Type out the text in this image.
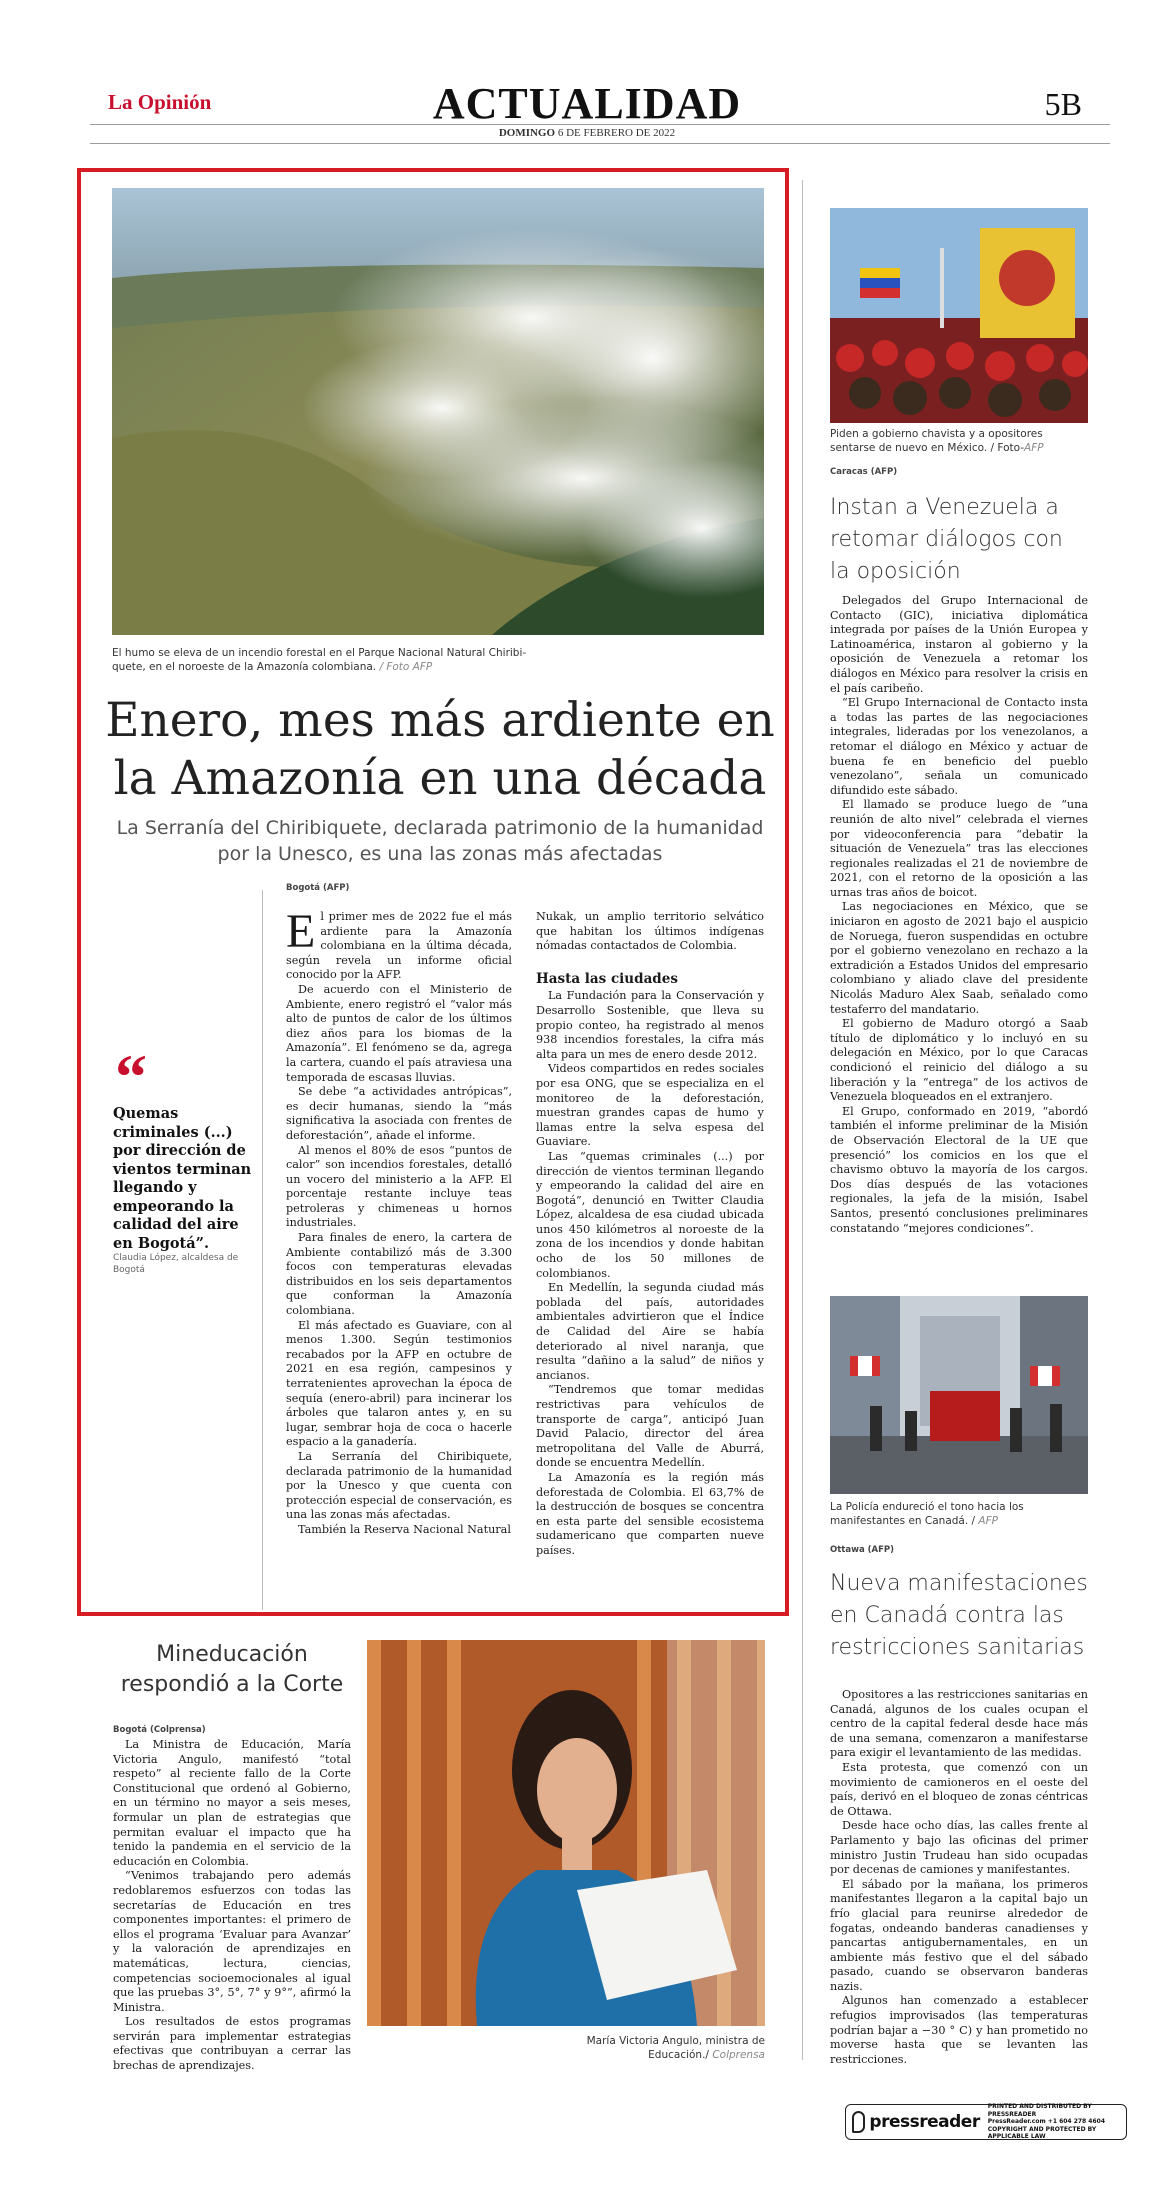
La Opinión	ACTUALIDAD	5B
DOMINGO 6 DE FEBRERO DE 2022
El humo se eleva de un incendio forestal en el Parque Nacional Natural Chiribi-quete, en el noroeste de la Amazonía colombiana. / Foto AFP
Enero, mes más ardiente en la Amazonía en una década
La Serranía del Chiribiquete, declarada patrimonio de la humanidad por la Unesco, es una las zonas más afectadas
Bogotá (AFP)
“
Quemas criminales (...) por dirección de vientos terminan llegando y empeorando la calidad del aire en Bogotá”.
Claudia López, alcaldesa de Bogotá

El primer mes de 2022 fue el más ardiente para la Amazonía colombiana en la última década, según revela un informe oficial conocido por la AFP.

De acuerdo con el Ministerio de Ambiente, enero registró el “valor más alto de puntos de calor de los últimos diez años para los biomas de la Amazonía”. El fenómeno se da, agrega la cartera, cuando el país atraviesa una temporada de escasas lluvias.

Se debe “a actividades antrópicas”, es decir humanas, siendo la “más significativa la asociada con frentes de deforestación”, añade el informe.

Al menos el 80% de esos “puntos de calor” son incendios forestales, detalló un vocero del ministerio a la AFP. El porcentaje restante incluye teas petroleras y chimeneas u hornos industriales.

Para finales de enero, la cartera de Ambiente contabilizó más de 3.300 focos con temperaturas elevadas distribuidos en los seis departamentos que conforman la Amazonía colombiana.

El más afectado es Guaviare, con al menos 1.300. Según testimonios recabados por la AFP en octubre de 2021 en esa región, campesinos y terratenientes aprovechan la época de sequía (enero-abril) para incinerar los árboles que talaron antes y, en su lugar, sembrar hoja de coca o hacerle espacio a la ganadería.

La Serranía del Chiribiquete, declarada patrimonio de la humanidad por la Unesco y que cuenta con protección especial de conservación, es una las zonas más afectadas.

También la Reserva Nacional Natural

Nukak, un amplio territorio selvático que habitan los últimos indígenas nómadas contactados de Colombia.

Hasta las ciudades

La Fundación para la Conservación y Desarrollo Sostenible, que lleva su propio conteo, ha registrado al menos 938 incendios forestales, la cifra más alta para un mes de enero desde 2012.

Videos compartidos en redes sociales por esa ONG, que se especializa en el monitoreo de la deforestación, muestran grandes capas de humo y llamas entre la selva espesa del Guaviare.

Las “quemas criminales (...) por dirección de vientos terminan llegando y empeorando la calidad del aire en Bogotá”, denunció en Twitter Claudia López, alcaldesa de esa ciudad ubicada unos 450 kilómetros al noroeste de la zona de los incendios y donde habitan ocho de los 50 millones de colombianos.

En Medellín, la segunda ciudad más poblada del país, autoridades ambientales advirtieron que el Índice de Calidad del Aire se había deteriorado al nivel naranja, que resulta “dañino a la salud” de niños y ancianos.

“Tendremos que tomar medidas restrictivas para vehículos de transporte de carga”, anticipó Juan David Palacio, director del área metropolitana del Valle de Aburrá, donde se encuentra Medellín.

La Amazonía es la región más deforestada de Colombia. El 63,7% de la destrucción de bosques se concentra en esta parte del sensible ecosistema sudamericano que comparten nueve países.

Piden a gobierno chavista y a opositores sentarse de nuevo en México. / Foto-AFP
Caracas (AFP)
Instan a Venezuela a retomar diálogos con la oposición

Delegados del Grupo Internacional de Contacto (GIC), iniciativa diplomática integrada por países de la Unión Europea y Latinoamérica, instaron al gobierno y la oposición de Venezuela a retomar los diálogos en México para resolver la crisis en el país caribeño.

“El Grupo Internacional de Contacto insta a todas las partes de las negociaciones integrales, lideradas por los venezolanos, a retomar el diálogo en México y actuar de buena fe en beneficio del pueblo venezolano”, señala un comunicado difundido este sábado.

El llamado se produce luego de “una reunión de alto nivel” celebrada el viernes por videoconferencia para “debatir la situación de Venezuela” tras las elecciones regionales realizadas el 21 de noviembre de 2021, con el retorno de la oposición a las urnas tras años de boicot.

Las negociaciones en México, que se iniciaron en agosto de 2021 bajo el auspicio de Noruega, fueron suspendidas en octubre por el gobierno venezolano en rechazo a la extradición a Estados Unidos del empresario colombiano y aliado clave del presidente Nicolás Maduro Alex Saab, señalado como testaferro del mandatario.

El gobierno de Maduro otorgó a Saab título de diplomático y lo incluyó en su delegación en México, por lo que Caracas condicionó el reinicio del diálogo a su liberación y la “entrega” de los activos de Venezuela bloqueados en el extranjero.

El Grupo, conformado en 2019, “abordó también el informe preliminar de la Misión de Observación Electoral de la UE que presenció” los comicios en los que el chavismo obtuvo la mayoría de los cargos. Dos días después de las votaciones regionales, la jefa de la misión, Isabel Santos, presentó conclusiones preliminares constatando “mejores condiciones”.

La Policía endureció el tono hacia los manifestantes en Canadá. / AFP
Ottawa (AFP)
Nueva manifestaciones en Canadá contra las restricciones sanitarias

Opositores a las restricciones sanitarias en Canadá, algunos de los cuales ocupan el centro de la capital federal desde hace más de una semana, comenzaron a manifestarse para exigir el levantamiento de las medidas.

Esta protesta, que comenzó con un movimiento de camioneros en el oeste del país, derivó en el bloqueo de zonas céntricas de Ottawa.

Desde hace ocho días, las calles frente al Parlamento y bajo las oficinas del primer ministro Justin Trudeau han sido ocupadas por decenas de camiones y manifestantes.

El sábado por la mañana, los primeros manifestantes llegaron a la capital bajo un frío glacial para reunirse alrededor de fogatas, ondeando banderas canadienses y pancartas antigubernamentales, en un ambiente más festivo que el del sábado pasado, cuando se observaron banderas nazis.

Algunos han comenzado a establecer refugios improvisados (las temperaturas podrían bajar a −30 ° C) y han prometido no moverse hasta que se levanten las restricciones.

Mineducación respondió a la Corte
Bogotá (Colprensa)

La Ministra de Educación, María Victoria Angulo, manifestó “total respeto” al reciente fallo de la Corte Constitucional que ordenó al Gobierno, en un término no mayor a seis meses, formular un plan de estrategias que permitan evaluar el impacto que ha tenido la pandemia en el servicio de la educación en Colombia.

“Venimos trabajando pero además redoblaremos esfuerzos con todas las secretarías de Educación en tres componentes importantes: el primero de ellos el programa ‘Evaluar para Avanzar’ y la valoración de aprendizajes en matemáticas, lectura, ciencias, competencias socioemocionales al igual que las pruebas 3°, 5°, 7° y 9°”, afirmó la Ministra.

Los resultados de estos programas servirán para implementar estrategias efectivas que contribuyan a cerrar las brechas de aprendizajes.

María Victoria Angulo, ministra de Educación./ Colprensa
pressreader
PRINTED AND DISTRIBUTED BY PRESSREADER
PressReader.com +1 604 278 4604
COPYRIGHT AND PROTECTED BY APPLICABLE LAW
